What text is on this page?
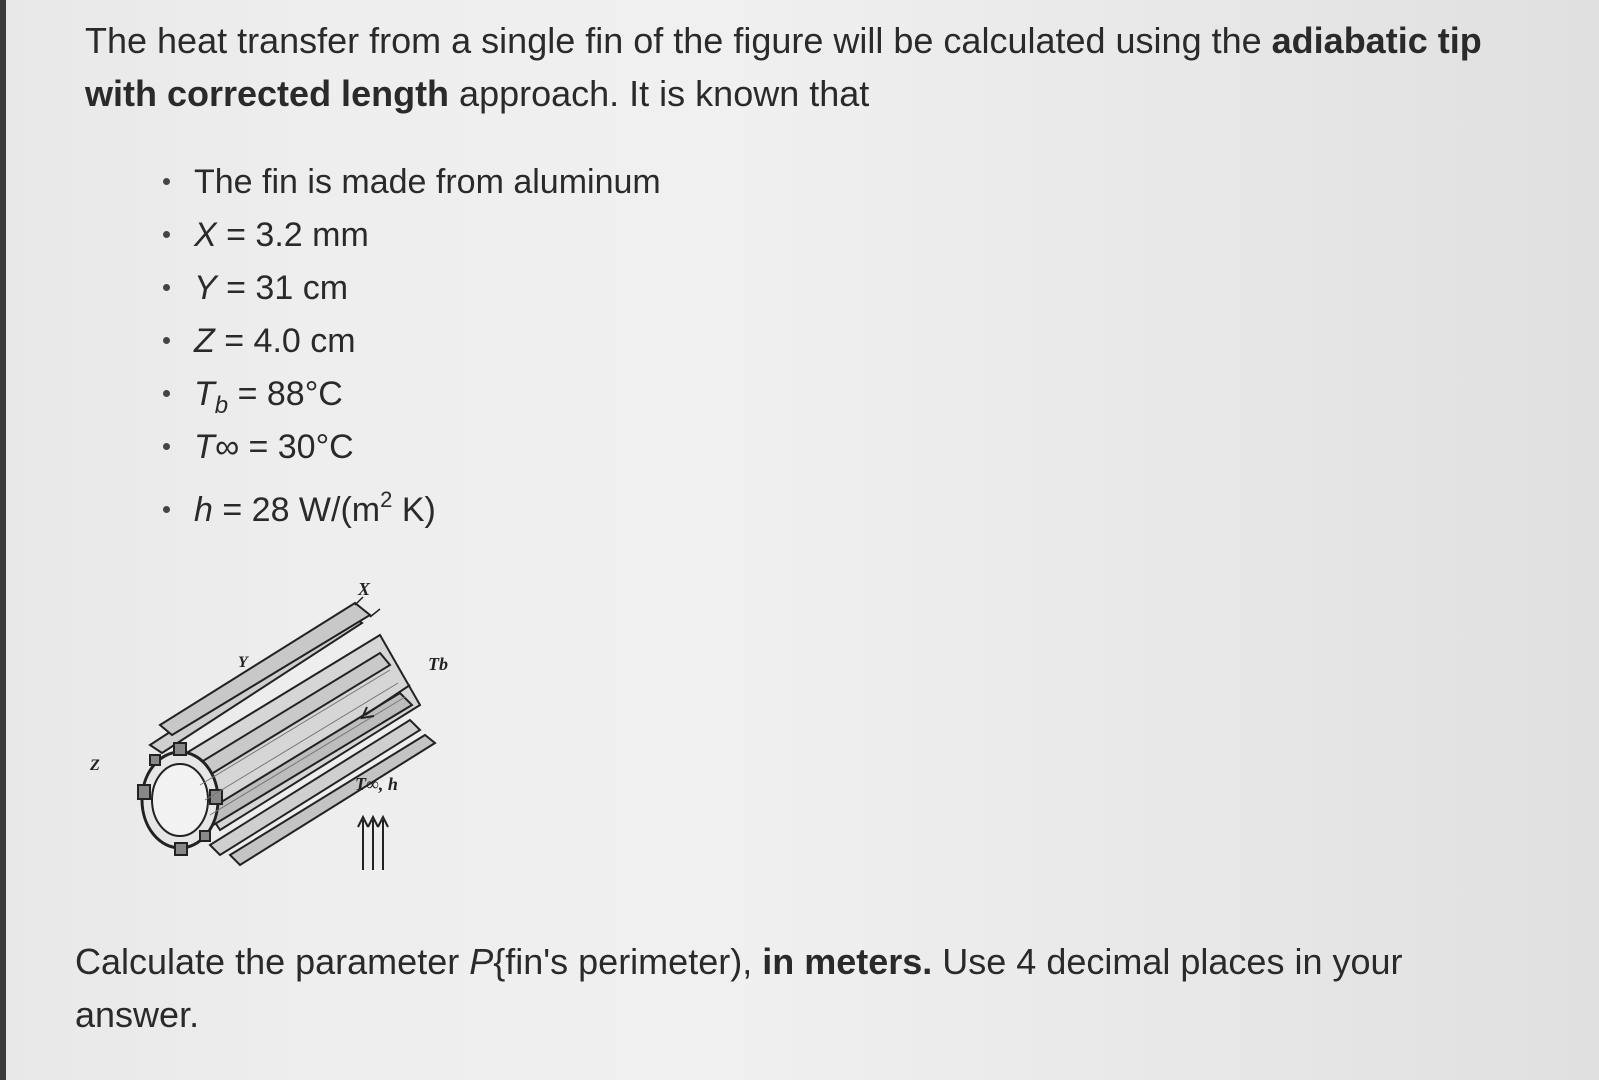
The heat transfer from a single fin of the figure will be calculated using the adiabatic tip with corrected length approach. It is known that
The fin is made from aluminum
X = 3.2 mm
Y = 31 cm
Z = 4.0 cm
$T_b = 88^\circ C$
T∞ = 30°C
h = 28 $W/(m^2$ K)
X
Y
Z
Tb
T∞, h
Calculate the parameter P{fin's perimeter), in meters. Use 4 decimal places in your answer.
